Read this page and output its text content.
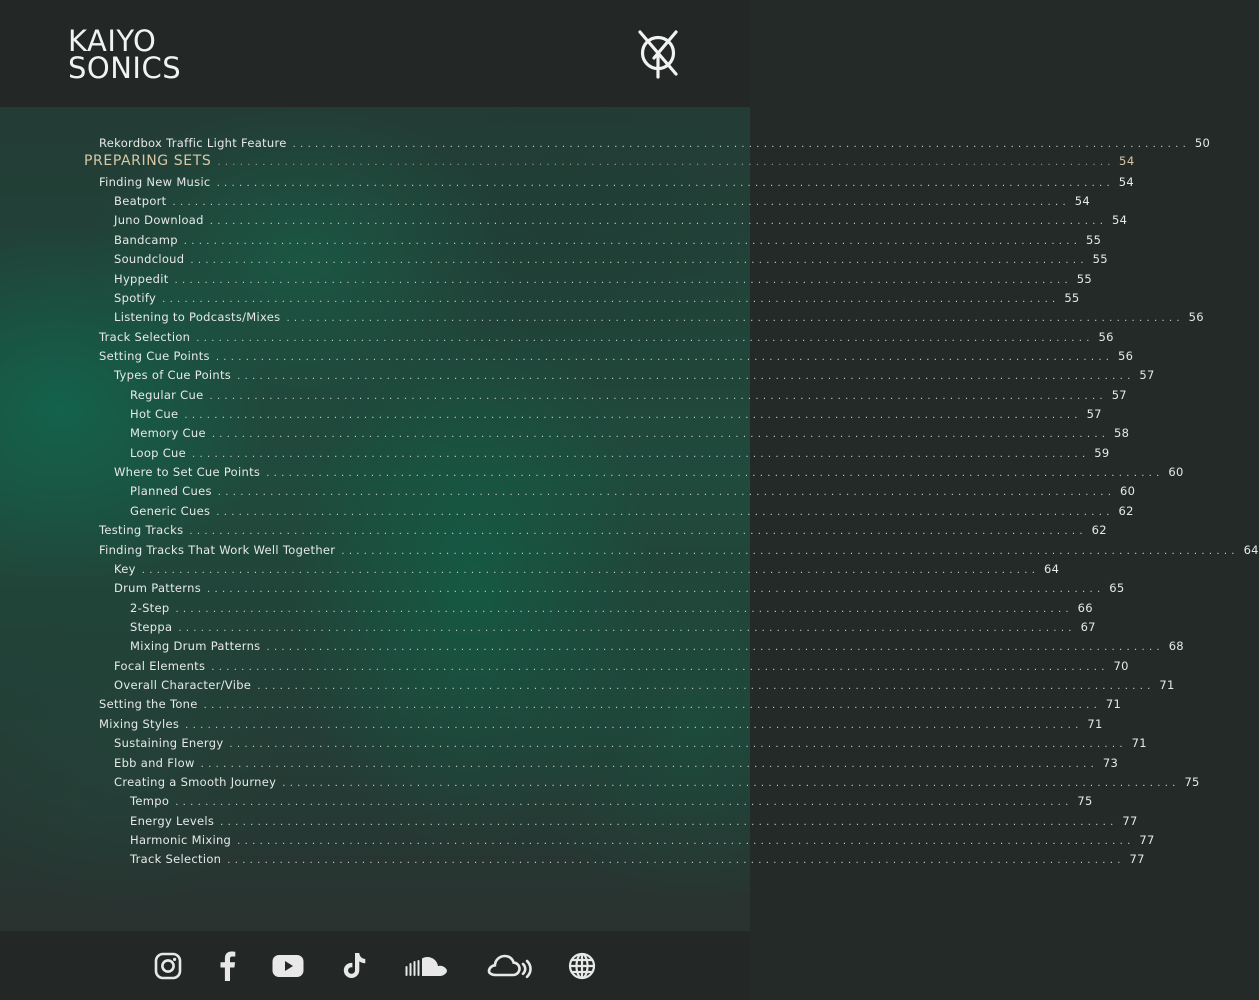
KAIYO
SONICS
Rekordbox Traffic Light Feature ........................................................................................................................ 50
PREPARING SETS ........................................................................................................................ 54
Finding New Music ........................................................................................................................ 54
Beatport ........................................................................................................................ 54
Juno Download ........................................................................................................................ 54
Bandcamp ........................................................................................................................ 55
Soundcloud ........................................................................................................................ 55
Hyppedit ........................................................................................................................ 55
Spotify ........................................................................................................................ 55
Listening to Podcasts/Mixes ........................................................................................................................ 56
Track Selection ........................................................................................................................ 56
Setting Cue Points ........................................................................................................................ 56
Types of Cue Points ........................................................................................................................ 57
Regular Cue ........................................................................................................................ 57
Hot Cue ........................................................................................................................ 57
Memory Cue ........................................................................................................................ 58
Loop Cue ........................................................................................................................ 59
Where to Set Cue Points ........................................................................................................................ 60
Planned Cues ........................................................................................................................ 60
Generic Cues ........................................................................................................................ 62
Testing Tracks ........................................................................................................................ 62
Finding Tracks That Work Well Together ........................................................................................................................ 64
Key ........................................................................................................................ 64
Drum Patterns ........................................................................................................................ 65
2-Step ........................................................................................................................ 66
Steppa ........................................................................................................................ 67
Mixing Drum Patterns ........................................................................................................................ 68
Focal Elements ........................................................................................................................ 70
Overall Character/Vibe ........................................................................................................................ 71
Setting the Tone ........................................................................................................................ 71
Mixing Styles ........................................................................................................................ 71
Sustaining Energy ........................................................................................................................ 71
Ebb and Flow ........................................................................................................................ 73
Creating a Smooth Journey ........................................................................................................................ 75
Tempo ........................................................................................................................ 75
Energy Levels ........................................................................................................................ 77
Harmonic Mixing ........................................................................................................................ 77
Track Selection ........................................................................................................................ 77
